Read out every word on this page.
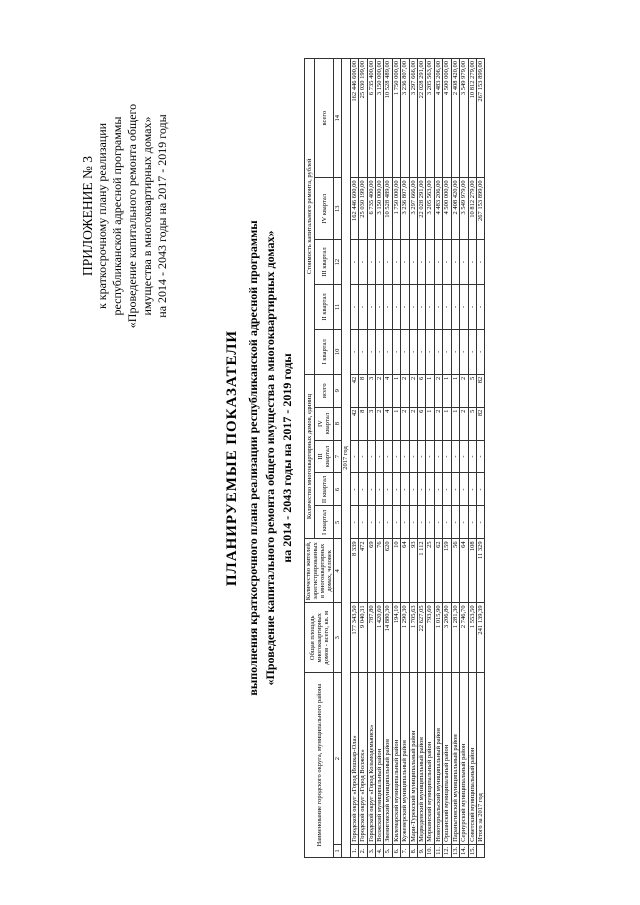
ПРИЛОЖЕНИЕ № 3 к краткосрочному плану реализации республиканской адресной программы «Проведение капитального ремонта общего имущества в многоквартирных домах» на 2014 - 2043 годы на 2017 - 2019 годы
ПЛАНИРУЕМЫЕ ПОКАЗАТЕЛИ выполнения краткосрочного плана реализации республиканской адресной программы «Проведение капитального ремонта общего имущества в многоквартирных домах» на 2014 - 2043 годы на 2017 - 2019 годы
Наименование городского округа, муниципального района		Общая площадь многоквартирных домов - всего, кв. м	Количество жителей, зарегистрированных в многоквартирных домах, человек	Количество многоквартирных домов, единиц					Стоимость капитального ремонта, рублей				
				I квартал	II квартал	III квартал	IV квартал	всего	I квартал	II квартал	III квартал	IV квартал	всего
1	2	3	4	5	6	7	8	9	10	11	12	13	14
2017 год													
1.	Городской округ «Город Йошкар-Ола»	177 343,50	8 339	-	-	-	42	42	-	-	-	162 446 600,00	162 446 600,00
2.	Городской округ «Город Волжск»	9 040,31	472	-	-	-	8	8	-	-	-	25 030 199,00	25 030 199,00
3.	Городской округ «Город Козьмодемьянск»	787,80	69	-	-	-	3	3	-	-	-	6 735 400,00	6 735 400,00
4.	Волжский муниципальный район	1 420,60	76	-	-	-	2	2	-	-	-	3 150 000,00	3 150 000,00
5.	Звениговский муниципальный район	14 880,30	620	-	-	-	4	4	-	-	-	10 528 489,00	10 528 489,00
6.	Килемарский муниципальный район	194,10	10	-	-	-	1	1	-	-	-	1 750 000,00	1 750 000,00
7.	Куженерский муниципальный район	1 290,30	64	-	-	-	2	2	-	-	-	3 236 807,00	3 236 807,00
8.	Мари-Турекский муниципальный район	1 705,63	93	-	-	-	2	2	-	-	-	3 297 666,00	3 297 666,00
9.	Медведевский муниципальный район	22 627,05	1 112	-	-	-	6	6	-	-	-	22 028 291,00	22 028 291,00
10.	Моркинский муниципальный район	793,60	25	-	-	-	1	1	-	-	-	3 205 563,00	3 205 563,00
11.	Новоторъяльский муниципальный район	1 015,90	62	-	-	-	2	2	-	-	-	4 483 206,00	4 483 206,00
12.	Оршанский муниципальный район	3 206,80	159	-	-	-	1	1	-	-	-	4 500 000,00	4 500 000,00
13.	Параньгинский муниципальный район	1 281,30	56	-	-	-	1	1	-	-	-	2 408 420,00	2 408 420,00
14.	Сернурский муниципальный район	2 746,70	64	-	-	-	2	2	-	-	-	3 549 979,00	3 549 979,00
15.	Советский муниципальный район	1 553,50	108	-	-	-	5	5	-	-	-	10 812 279,00	10 812 279,00
	Итого за 2017 год	241 139,39	11 329	-	-	-	82	82	-	-	-	267 153 899,00	267 153 899,00
